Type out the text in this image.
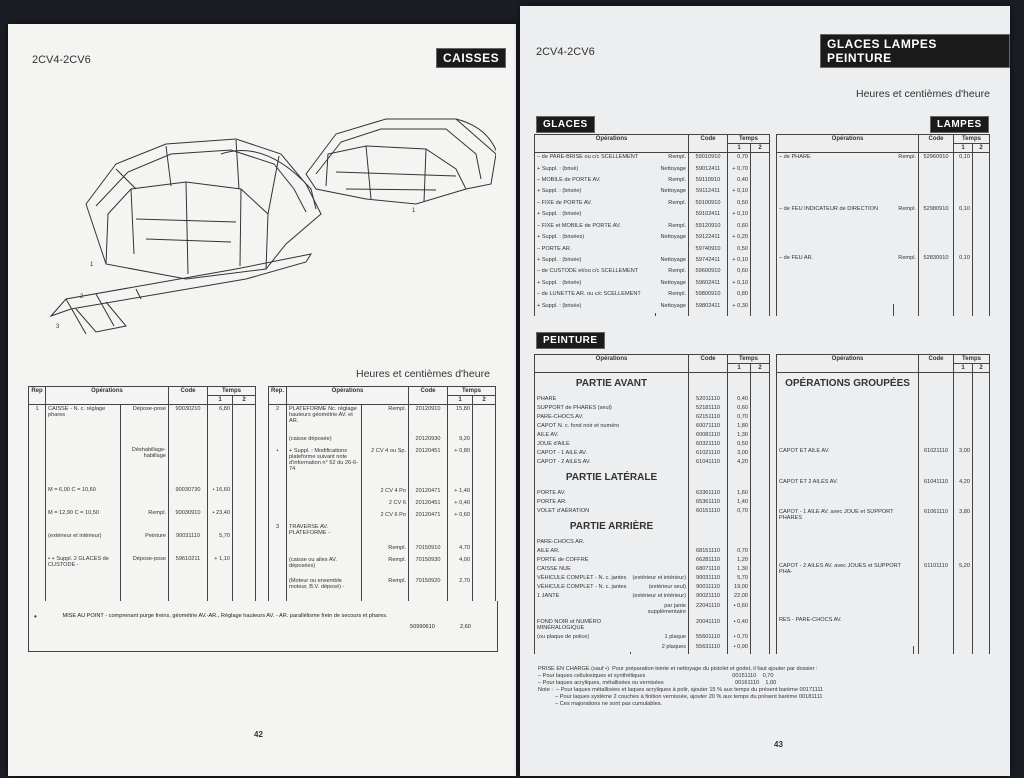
2CV4-2CV6	CAISSES
1
2
3
1
Heures et centièmes d'heure
Rep	Opérations		Code	Temps	
				1	2
1	CAISSE - N. c. réglage phares	Dépose-pose	90030210	6,80	
		Déshabillage-habillage			
	M = 6,00 C = 10,60		90030730	• 16,60	
	M = 12,90 C = 10,50	Rempl.	90030910	• 23,40	
	(extérieur et intérieur)	Peinture	90031110	5,70	
	• + Suppl. 2 GLACES de CUSTODE -	Dépose-pose	59610211	+ 1,10	

Rep.	Opérations		Code	Temps	
				1	2
2	PLATEFORME Nc. réglage hauteurs géométrie AV. et AR.	Rempl.	20120910	15,80	
	(caisse déposée)		20120930	9,20	
•	+ Suppl. : Modifications plateforme suivant note d'information n° 62 du 26-6-74	2 CV 4 ou Sp.	20120451	+ 0,80	
		2 CV 4 Po	20120471	+ 1,40	
		2 CV 6	20120451	+ 0,40	
		2 CV 6 Po	20120471	+ 0,60	
3	TRAVERSE AV. PLATEFORME -				
		Rempl.	70150910	4,70	
	(caisse ou ailes AV. déposées)	Rempl.	70150930	4,00	
	(Moteur ou ensemble moteur, B.V. déposé) -	Rempl.	70150920	2,70	

•	MISE AU POINT - comprenant purge freins, géométrie AV.-AR., Réglage hauteurs AV. - AR. parallélisme frein de secours et phares.
50990610	2,60
42
2CV4-2CV6
GLACES LAMPES PEINTURE
Heures et centièmes d'heure
GLACES	LAMPES
Opérations		Code	Temps	
			1	2
– de PARE-BRISE ou c/c SCELLEMENT	Rempl.	59010910	0,70	
+ Suppl. : (brisé)	Nettoyage	59012411	+ 0,70	
– MOBILE de PORTE AV.	Rempl.	59110910	0,40	
+ Suppl. : (brisée)	Nettoyage	59112411	+ 0,10	
– FIXE de PORTE AV.	Rempl.	59100910	0,50	
+ Suppl. : (brisée)		59102411	+ 0,10	
– FIXE et MOBILE de PORTE AV.	Rempl.	59120910	0,60	
+ Suppl. : (brisées)	Nettoyage	59122411	+ 0,20	
– PORTE AR.		59740910	0,50	
+ Suppl. : (brisée)	Nettoyage	59742411	+ 0,10	
– de CUSTODE et/ou c/c SCELLEMENT	Rempl.	59600910	0,60	
+ Suppl. : (brisée)	Nettoyage	59602411	+ 0,10	
– de LUNETTE AR. ou c/c SCELLEMENT	Rempl.	59800910	0,80	
+ Suppl. : (brisée)	Nettoyage	59802411	+ 0,30	

Opérations		Code	Temps	
			1	2
– de PHARE	Rempl.	52960910	0,10	
– de FEU INDICATEUR de DIRECTION	Rempl.	52980910	0,10	
– de FEU AR.	Rempl.	52830910	0,10	

PEINTURE
Opérations		Code	Temps	
			1	2
PARTIE AVANT				
PHARE		52011110	0,40	
SUPPORT de PHARES (seul)		52181110	0,60	
PARE-CHOCS AV.		62151110	0,70	
CAPOT N. c. fond noir et numéro		60071110	1,80	
AILE AV.		60081110	1,30	
JOUE d'AILE		60321110	0,50	
CAPOT - 1 AILE AV.		61021110	3,00	
CAPOT - 2 AILES AV.		61041110	4,20	
PARTIE LATÉRALE				
PORTE AV.		63361110	1,60	
PORTE AR.		65361110	1,40	
VOLET d'AÉRATION		60151110	0,70	
PARTIE ARRIÈRE				
PARE-CHOCS AR.				
AILE AR.		68151110	0,70	
PORTE de COFFRE		66281110	1,20	
CAISSE NUE		68071110	1,30	
VÉHICULE COMPLET - N. c. jantes	(extérieur et intérieur)	90031110	5,70	
VÉHICULE COMPLET - N. c. jantes	(extérieur seul)	90011110	19,00	
1 JANTE	(extérieur et intérieur)	90021110	22,00	
	par jante supplémentaire	22041110	• 0,60	
FOND NOIR et NUMÉRO MINÉRALOGIQUE		20041110	• 0,40	
(ou plaque de police)	1 plaque	55601110	• 0,70	
	2 plaques	55631110	• 0,90	

Opérations		Code	Temps	
			1	2
OPÉRATIONS GROUPÉES				
CAPOT ET AILE AV.		61021110	3,00	
CAPOT ET 2 AILES AV.		61041110	4,20	
CAPOT - 1 AILE AV. avec JOUE et SUPPORT PHARES		61061110	3,80	
CAPOT - 2 AILES AV. avec JOUES et SUPPORT PHA-		61101110	5,20	
RES - PARE-CHOCS AV.				

PRISE EN CHARGE (sauf •)  Pour préparation teinte et nettoyage du pistolet et godet, il faut ajouter par dossier :
– Pour laques cellulosiques et synthétiques                                                        00151110    0,70
– Pour laques acryliques, métallisées ou vernisées                                              00161110    1,00
Note :  – Pour laques métallisées et laques acryliques à polir, ajouter 15 % aux temps du présent barème 00171111
– Pour laques système 2 couches à finition vernissée, ajouter 20 % aux temps du présent barème 00181111
– Ces majorations ne sont pas cumulables.
43
